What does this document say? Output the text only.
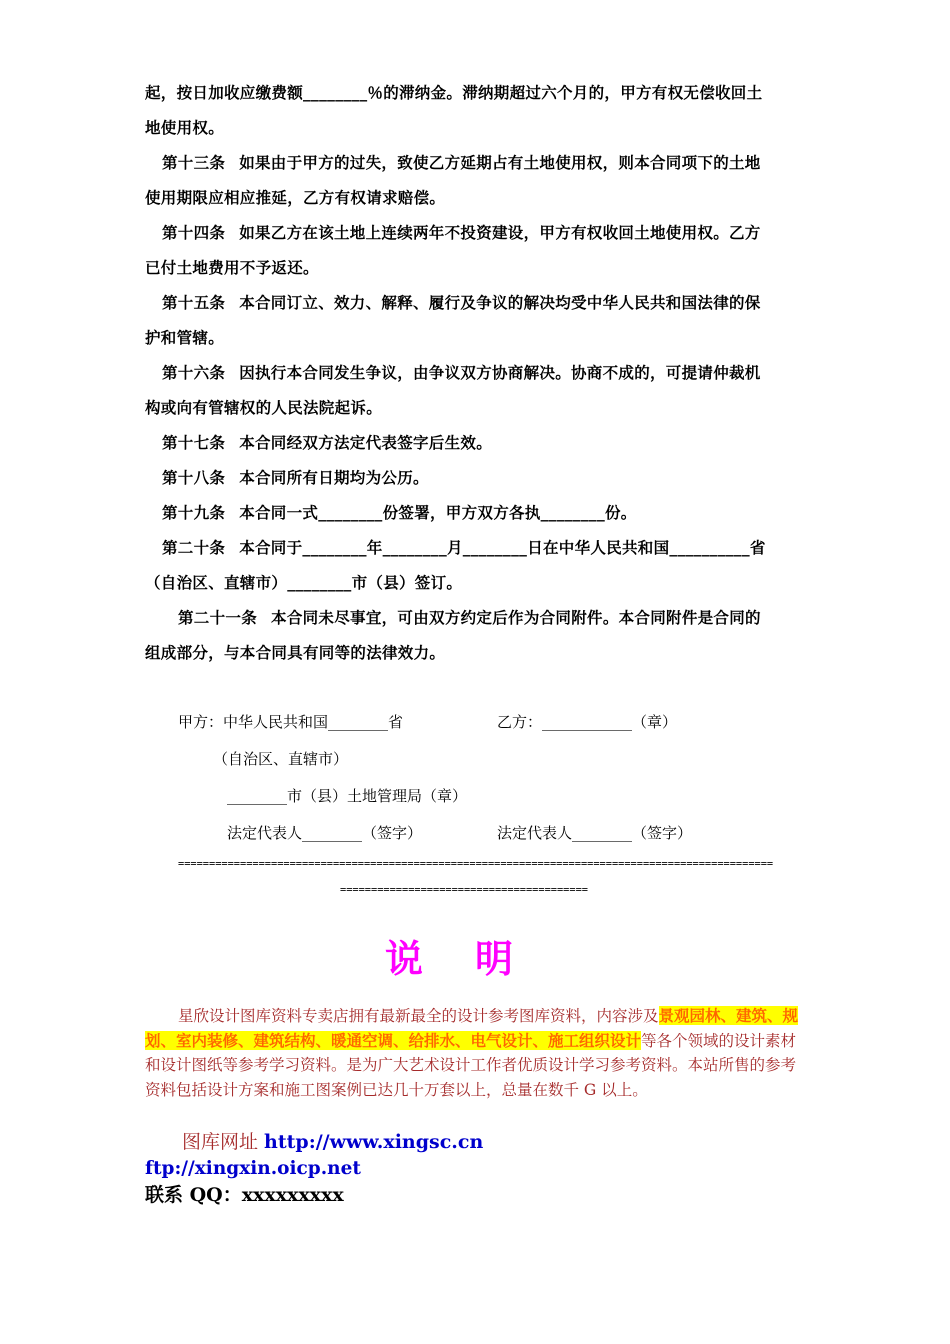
起，按日加收应缴费额________％的滞纳金。滞纳期超过六个月的，甲方有权无偿收回土
地使用权。

第十三条 如果由于甲方的过失，致使乙方延期占有土地使用权，则本合同项下的土地
使用期限应相应推延，乙方有权请求赔偿。

第十四条 如果乙方在该土地上连续两年不投资建设，甲方有权收回土地使用权。乙方
已付土地费用不予返还。

第十五条 本合同订立、效力、解释、履行及争议的解决均受中华人民共和国法律的保
护和管辖。

第十六条 因执行本合同发生争议，由争议双方协商解决。协商不成的，可提请仲裁机
构或向有管辖权的人民法院起诉。

第十七条 本合同经双方法定代表签字后生效。

第十八条 本合同所有日期均为公历。

第十九条 本合同一式________份签署，甲方双方各执________份。

第二十条 本合同于________年________月________日在中华人民共和国__________省
（自治区、直辖市）________市（县）签订。

第二十一条 本合同未尽事宜，可由双方约定后作为合同附件。本合同附件是合同的
组成部分，与本合同具有同等的法律效力。

甲方：中华人民共和国________省	乙方：____________（章）
（自治区、直辖市）
________市（县）土地管理局（章）
法定代表人________（签字）	法定代表人________（签字）
================================================================================================
========================================
说明
星欣设计图库资料专卖店拥有最新最全的设计参考图库资料，内容涉及景观园林、建筑、规划、室内装修、建筑结构、暖通空调、给排水、电气设计、施工组织设计等各个领域的设计素材和设计图纸等参考学习资料。是为广大艺术设计工作者优质设计学习参考资料。本站所售的参考资料包括设计方案和施工图案例已达几十万套以上，总量在数千 G 以上。
图库网址 http://www.xingsc.cn
ftp://xingxin.oicp.net
联系 QQ：xxxxxxxxx
